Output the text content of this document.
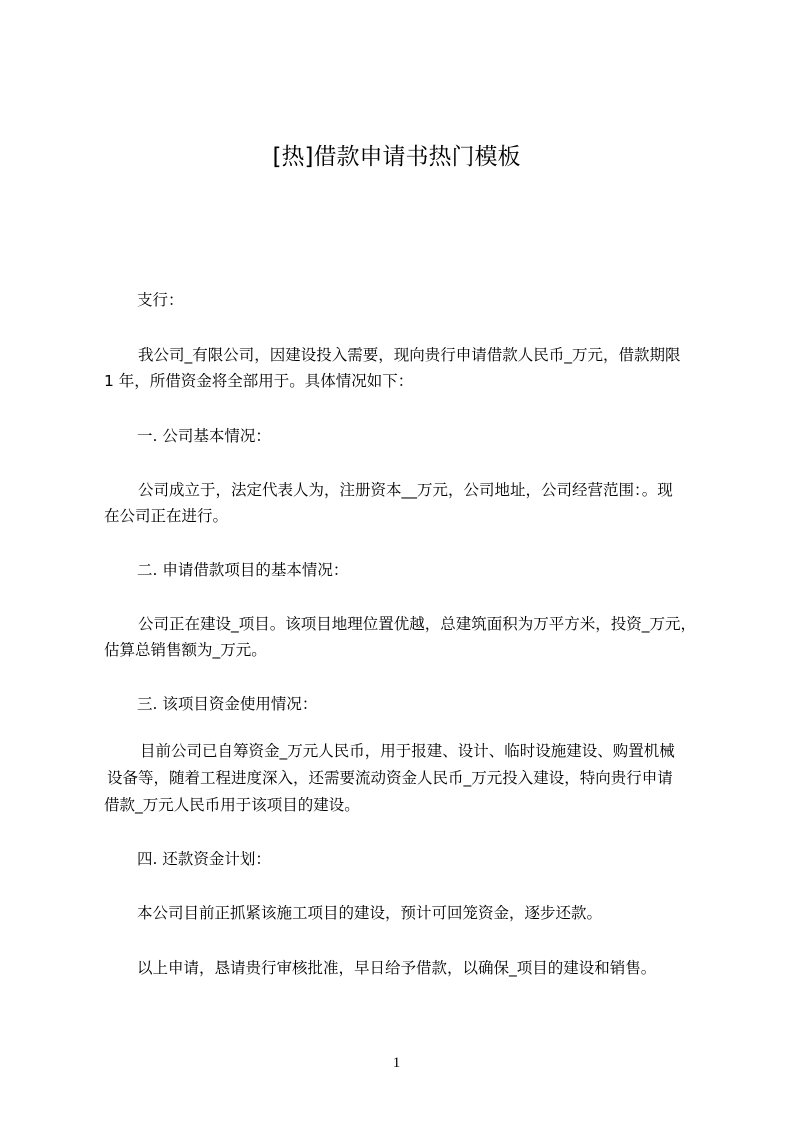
[热]借款申请书热门模板
支行：
我公司_有限公司，因建设投入需要，现向贵行申请借款人民币_万元，借款期限
1 年，所借资金将全部用于。具体情况如下：
一. 公司基本情况：
公司成立于，法定代表人为，注册资本__万元，公司地址，公司经营范围：。现
在公司正在进行。
二. 申请借款项目的基本情况：
公司正在建设_项目。该项目地理位置优越，总建筑面积为万平方米，投资_万元，
估算总销售额为_万元。
三. 该项目资金使用情况：
目前公司已自筹资金_万元人民币，用于报建、设计、临时设施建设、购置机械
设备等，随着工程进度深入，还需要流动资金人民币_万元投入建设，特向贵行申请
借款_万元人民币用于该项目的建设。
四. 还款资金计划：
本公司目前正抓紧该施工项目的建设，预计可回笼资金，逐步还款。
以上申请，恳请贵行审核批准，早日给予借款，以确保_项目的建设和销售。
1
